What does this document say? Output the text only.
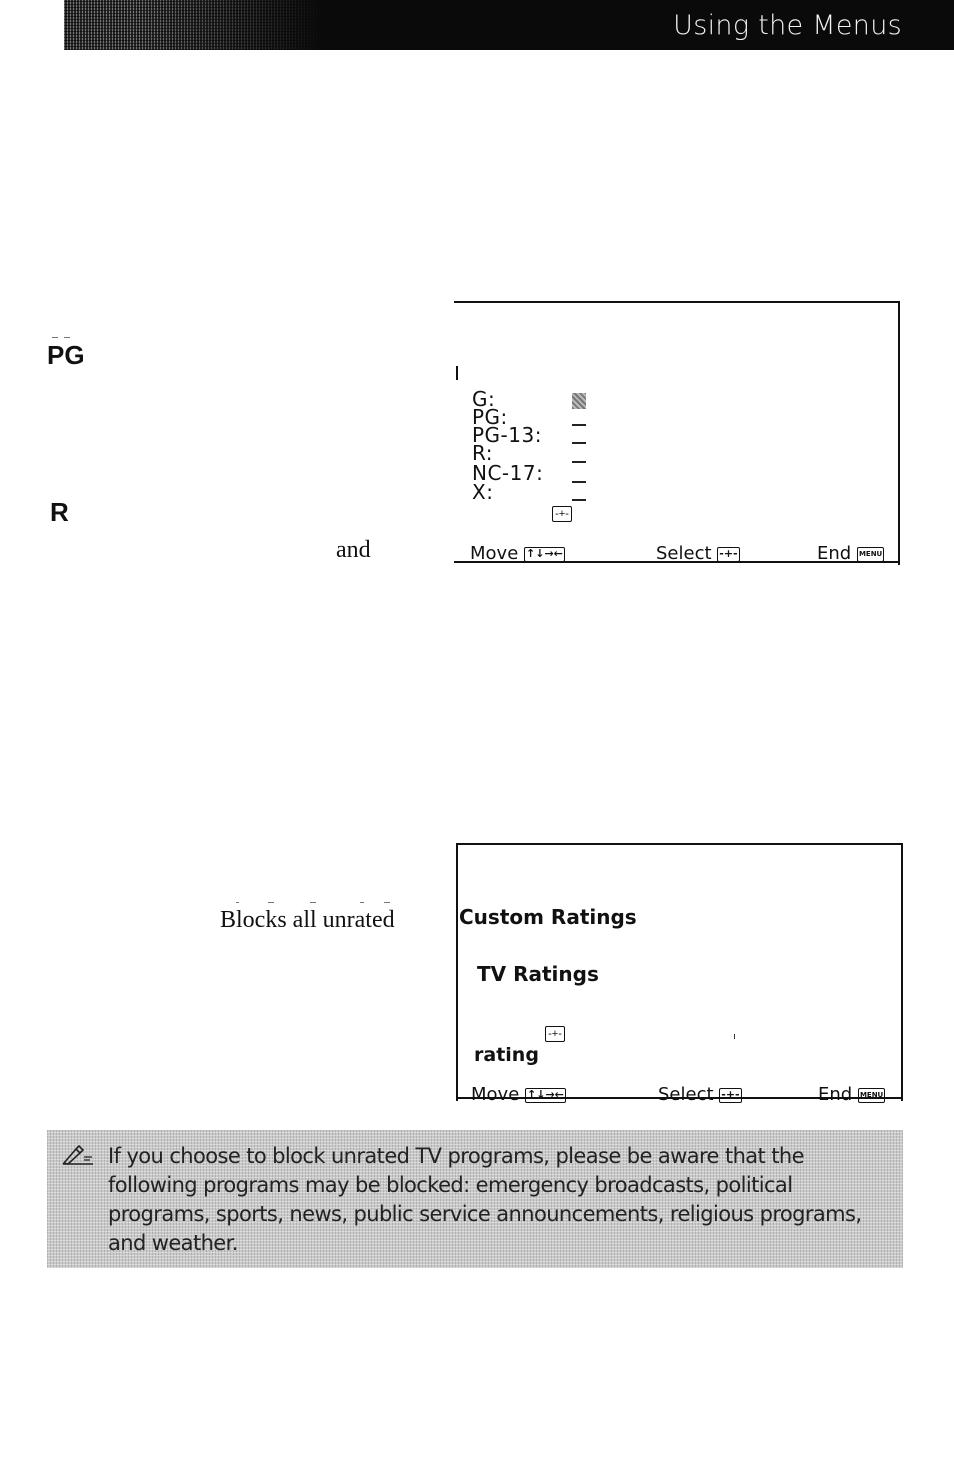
Using the Menus
PG
R
and
Blocks all unrated
G:
PG:
PG-13:
R:
NC-17:
X:
-+-
Move ↑↓→←	Select -+-	End MENU
Custom Ratings
TV Ratings
-+-
rating
Move ↑↓→←	Select -+-	End MENU
If you choose to block unrated TV programs, please be aware that the following programs may be blocked: emergency broadcasts, political programs, sports, news, public service announcements, religious programs, and weather.
